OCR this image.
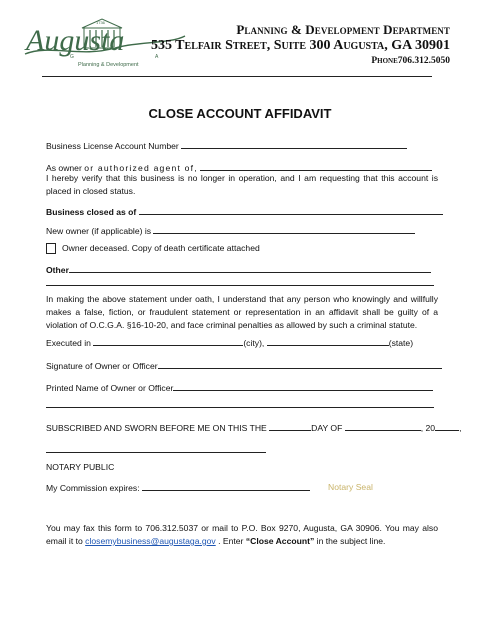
Augusta
1736
G A
Planning & Development
Planning & Development Department
535 Telfair Street, Suite 300 Augusta, GA 30901
Phone706.312.5050
CLOSE ACCOUNT AFFIDAVIT
Business License Account Number
As owner or authorized agent of,
I hereby verify that this business is no longer in operation, and I am requesting that this account is placed in closed status.
Business closed as of
New owner (if applicable) is
Owner deceased. Copy of death certificate attached
Other
In making the above statement under oath, I understand that any person who knowingly and willfully makes a false, fiction, or fraudulent statement or representation in an affidavit shall be guilty of a violation of O.C.G.A. §16-10-20, and face criminal penalties as allowed by such a criminal statute.
Executed in	(city),	(state)
Signature of Owner or Officer
Printed Name of Owner or Officer
SUBSCRIBED AND SWORN BEFORE ME ON THIS THE	DAY OF	, 20	,
NOTARY PUBLIC
My Commission expires:	Notary Seal
You may fax this form to 706.312.5037 or mail to P.O. Box 9270, Augusta, GA 30906. You may also email it to closemybusiness@augustaga.gov . Enter “Close Account” in the subject line.
